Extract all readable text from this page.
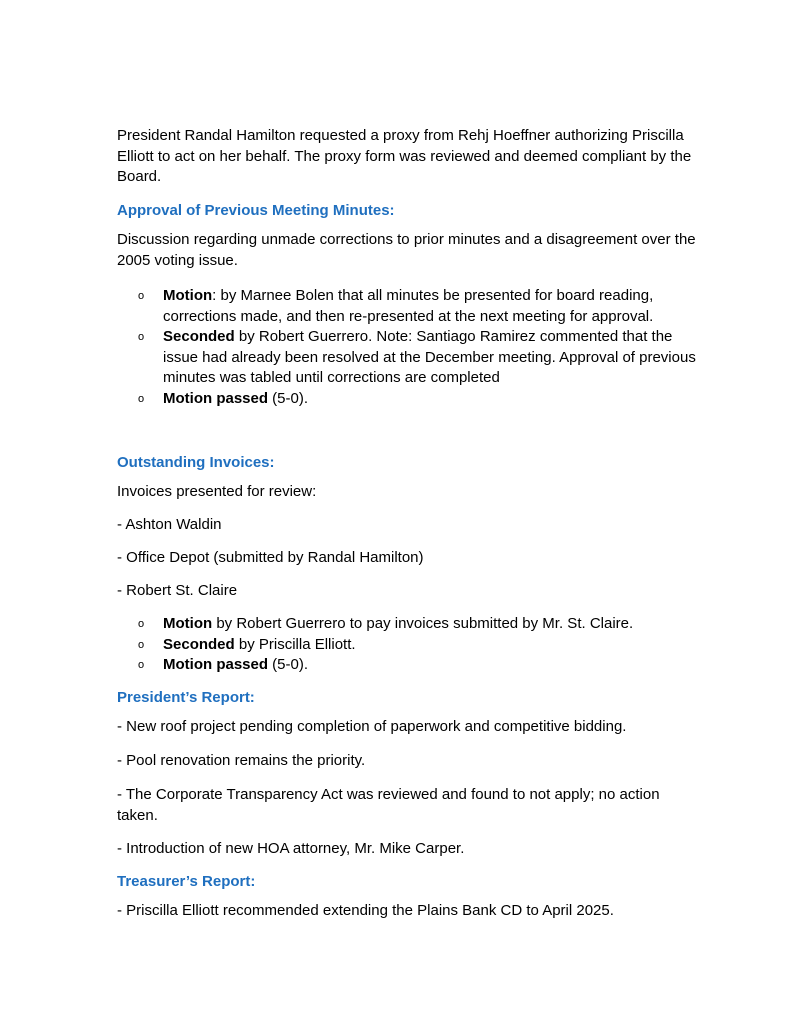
President Randal Hamilton requested a proxy from Rehj Hoeffner authorizing Priscilla Elliott to act on her behalf. The proxy form was reviewed and deemed compliant by the Board.
Approval of Previous Meeting Minutes:
Discussion regarding unmade corrections to prior minutes and a disagreement over the 2005 voting issue.
o Motion: by Marnee Bolen that all minutes be presented for board reading, corrections made, and then re-presented at the next meeting for approval.
o Seconded by Robert Guerrero. Note: Santiago Ramirez commented that the issue had already been resolved at the December meeting. Approval of previous minutes was tabled until corrections are completed
o Motion passed (5-0).
Outstanding Invoices:
Invoices presented for review:
- Ashton Waldin
- Office Depot (submitted by Randal Hamilton)
- Robert St. Claire
o Motion by Robert Guerrero to pay invoices submitted by Mr. St. Claire.
o Seconded by Priscilla Elliott.
o Motion passed (5-0).
President’s Report:
- New roof project pending completion of paperwork and competitive bidding.
- Pool renovation remains the priority.
- The Corporate Transparency Act was reviewed and found to not apply; no action taken.
- Introduction of new HOA attorney, Mr. Mike Carper.
Treasurer’s Report:
- Priscilla Elliott recommended extending the Plains Bank CD to April 2025.
